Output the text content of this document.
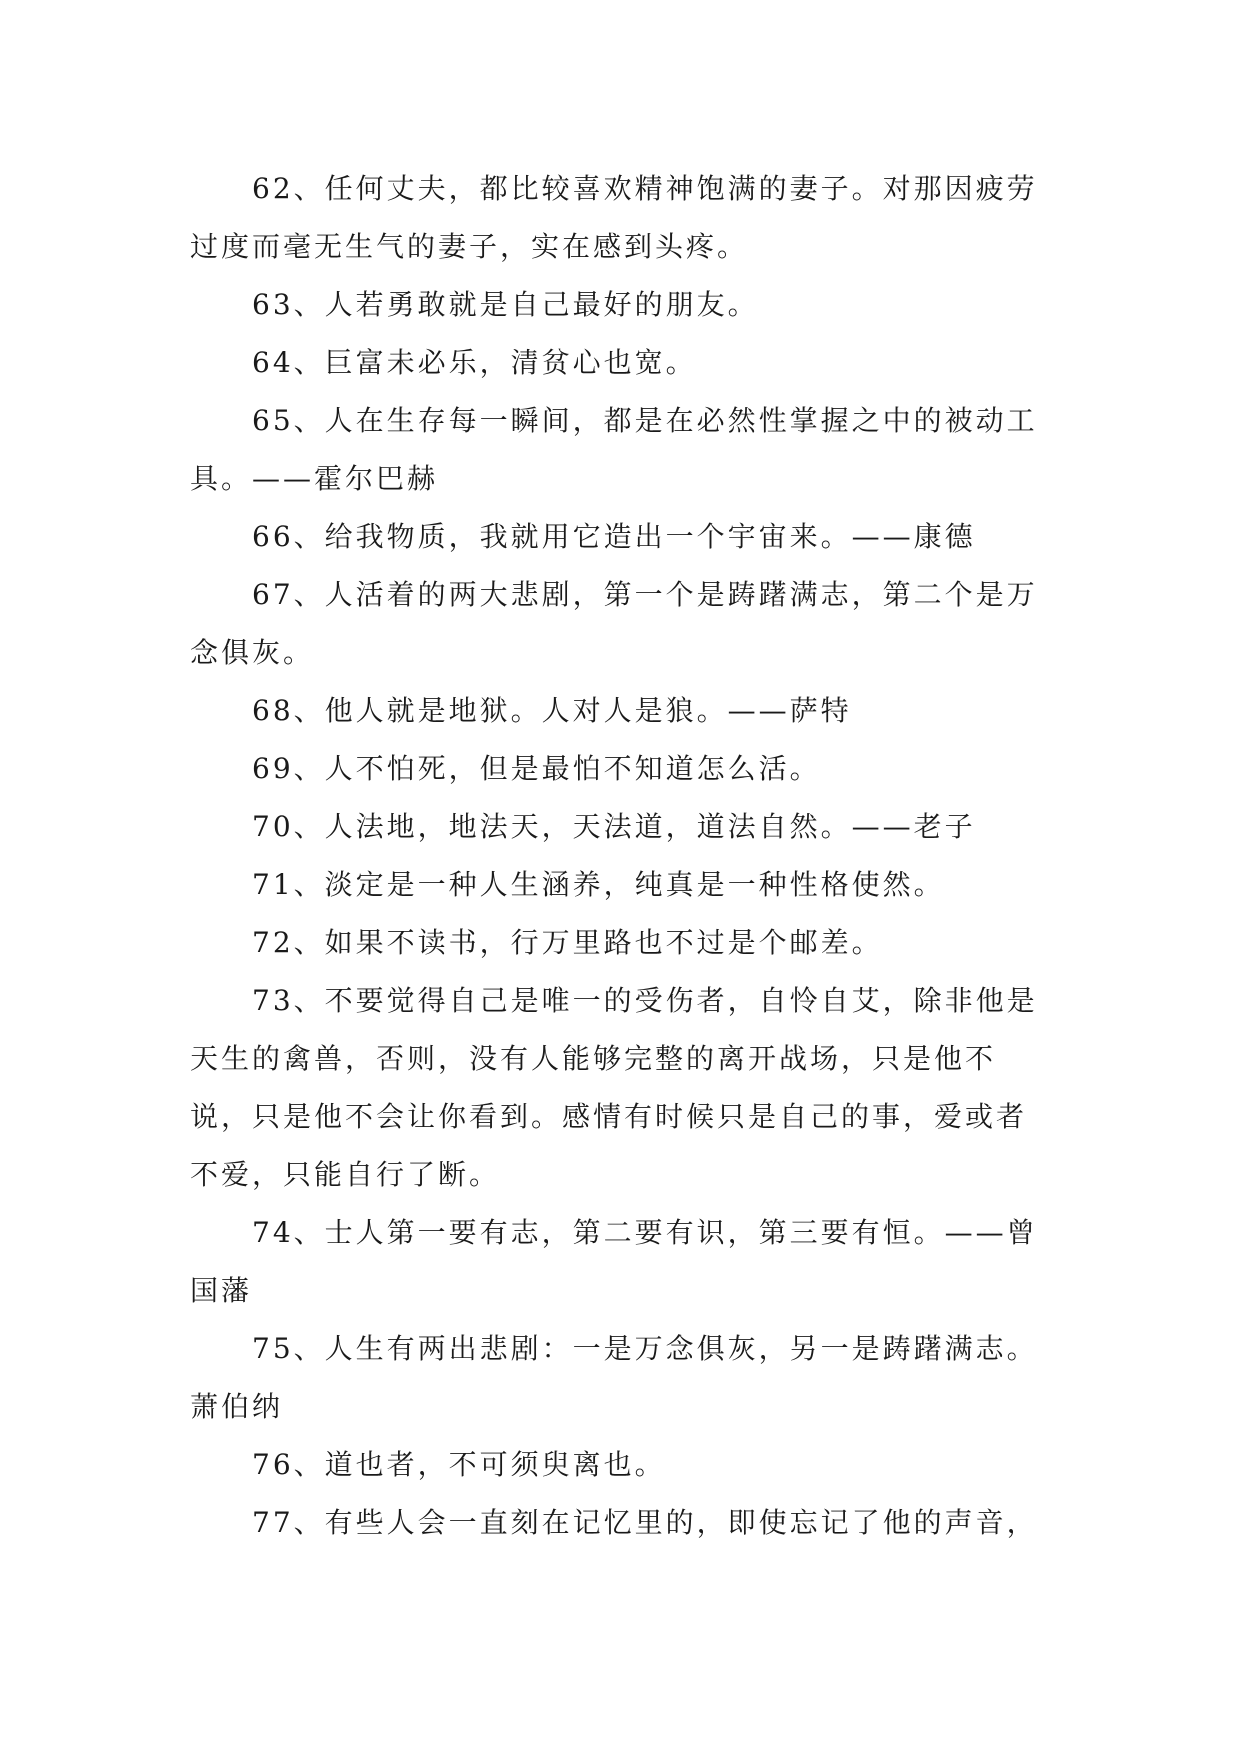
62、任何丈夫，都比较喜欢精神饱满的妻子。对那因疲劳过度而毫无生气的妻子，实在感到头疼。

63、人若勇敢就是自己最好的朋友。

64、巨富未必乐，清贫心也宽。

65、人在生存每一瞬间，都是在必然性掌握之中的被动工具。——霍尔巴赫

66、给我物质，我就用它造出一个宇宙来。——康德

67、人活着的两大悲剧，第一个是踌躇满志，第二个是万念俱灰。

68、他人就是地狱。人对人是狼。——萨特

69、人不怕死，但是最怕不知道怎么活。

70、人法地，地法天，天法道，道法自然。——老子

71、淡定是一种人生涵养，纯真是一种性格使然。

72、如果不读书，行万里路也不过是个邮差。

73、不要觉得自己是唯一的受伤者，自怜自艾，除非他是天生的禽兽，否则，没有人能够完整的离开战场，只是他不说，只是他不会让你看到。感情有时候只是自己的事，爱或者不爱，只能自行了断。

74、士人第一要有志，第二要有识，第三要有恒。——曾国藩

75、人生有两出悲剧：一是万念俱灰，另一是踌躇满志。萧伯纳

76、道也者，不可须臾离也。

77、有些人会一直刻在记忆里的，即使忘记了他的声音，
